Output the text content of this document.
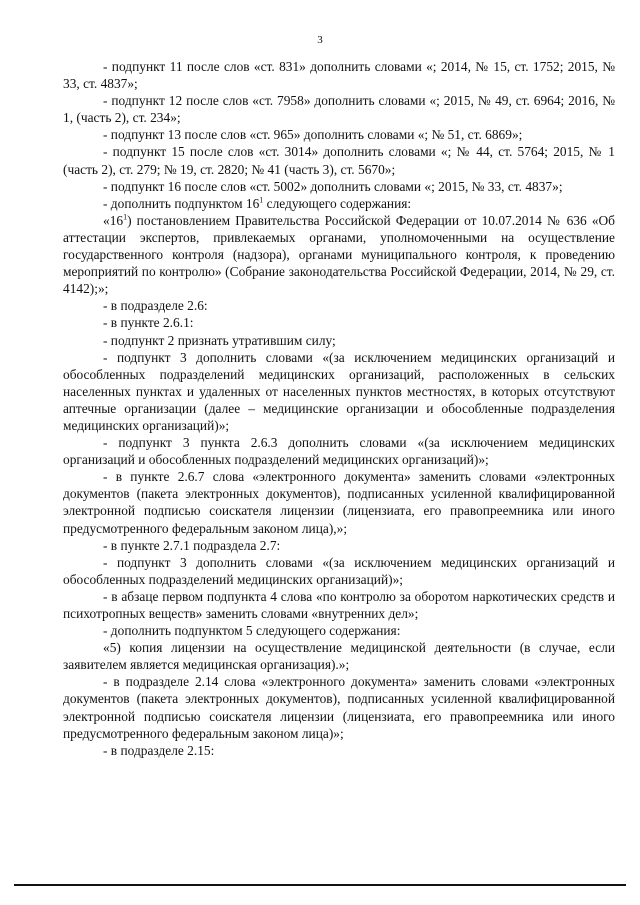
3

- подпункт 11 после слов «ст. 831» дополнить словами «; 2014, № 15, ст. 1752; 2015, № 33, ст. 4837»;

- подпункт 12 после слов «ст. 7958» дополнить словами «; 2015, № 49, ст. 6964; 2016, № 1, (часть 2), ст. 234»;

- подпункт 13 после слов «ст. 965» дополнить словами «; № 51, ст. 6869»;

- подпункт 15 после слов «ст. 3014» дополнить словами «; № 44, ст. 5764; 2015, № 1 (часть 2), ст. 279; № 19, ст. 2820; № 41 (часть 3), ст. 5670»;

- подпункт 16 после слов «ст. 5002» дополнить словами «; 2015, № 33, ст. 4837»;

- дополнить подпунктом $16^1$ следующего содержания:

«$16^1$) постановлением Правительства Российской Федерации от 10.07.2014 № 636 «Об аттестации экспертов, привлекаемых органами, уполномоченными на осуществление государственного контроля (надзора), органами муниципального контроля, к проведению мероприятий по контролю» (Собрание законодательства Российской Федерации, 2014, № 29, ст. 4142);»;

- в подразделе 2.6:

- в пункте 2.6.1:

- подпункт 2 признать утратившим силу;

- подпункт 3 дополнить словами «(за исключением медицинских организаций и обособленных подразделений медицинских организаций, расположенных в сельских населенных пунктах и удаленных от населенных пунктов местностях, в которых отсутствуют аптечные организации (далее – медицинские организации и обособленные подразделения медицинских организаций)»;

- подпункт 3 пункта 2.6.3 дополнить словами «(за исключением медицинских организаций и обособленных подразделений медицинских организаций)»;

- в пункте 2.6.7 слова «электронного документа» заменить словами «электронных документов (пакета электронных документов), подписанных усиленной квалифицированной электронной подписью соискателя лицензии (лицензиата, его правопреемника или иного предусмотренного федеральным законом лица),»;

- в пункте 2.7.1 подраздела 2.7:

- подпункт 3 дополнить словами «(за исключением медицинских организаций и обособленных подразделений медицинских организаций)»;

- в абзаце первом подпункта 4 слова «по контролю за оборотом наркотических средств и психотропных веществ» заменить словами «внутренних дел»;

- дополнить подпунктом 5 следующего содержания:

«5) копия лицензии на осуществление медицинской деятельности (в случае, если заявителем является медицинская организация).»;

- в подразделе 2.14 слова «электронного документа» заменить словами «электронных документов (пакета электронных документов), подписанных усиленной квалифицированной электронной подписью соискателя лицензии (лицензиата, его правопреемника или иного предусмотренного федеральным законом лица)»;

- в подразделе 2.15:
